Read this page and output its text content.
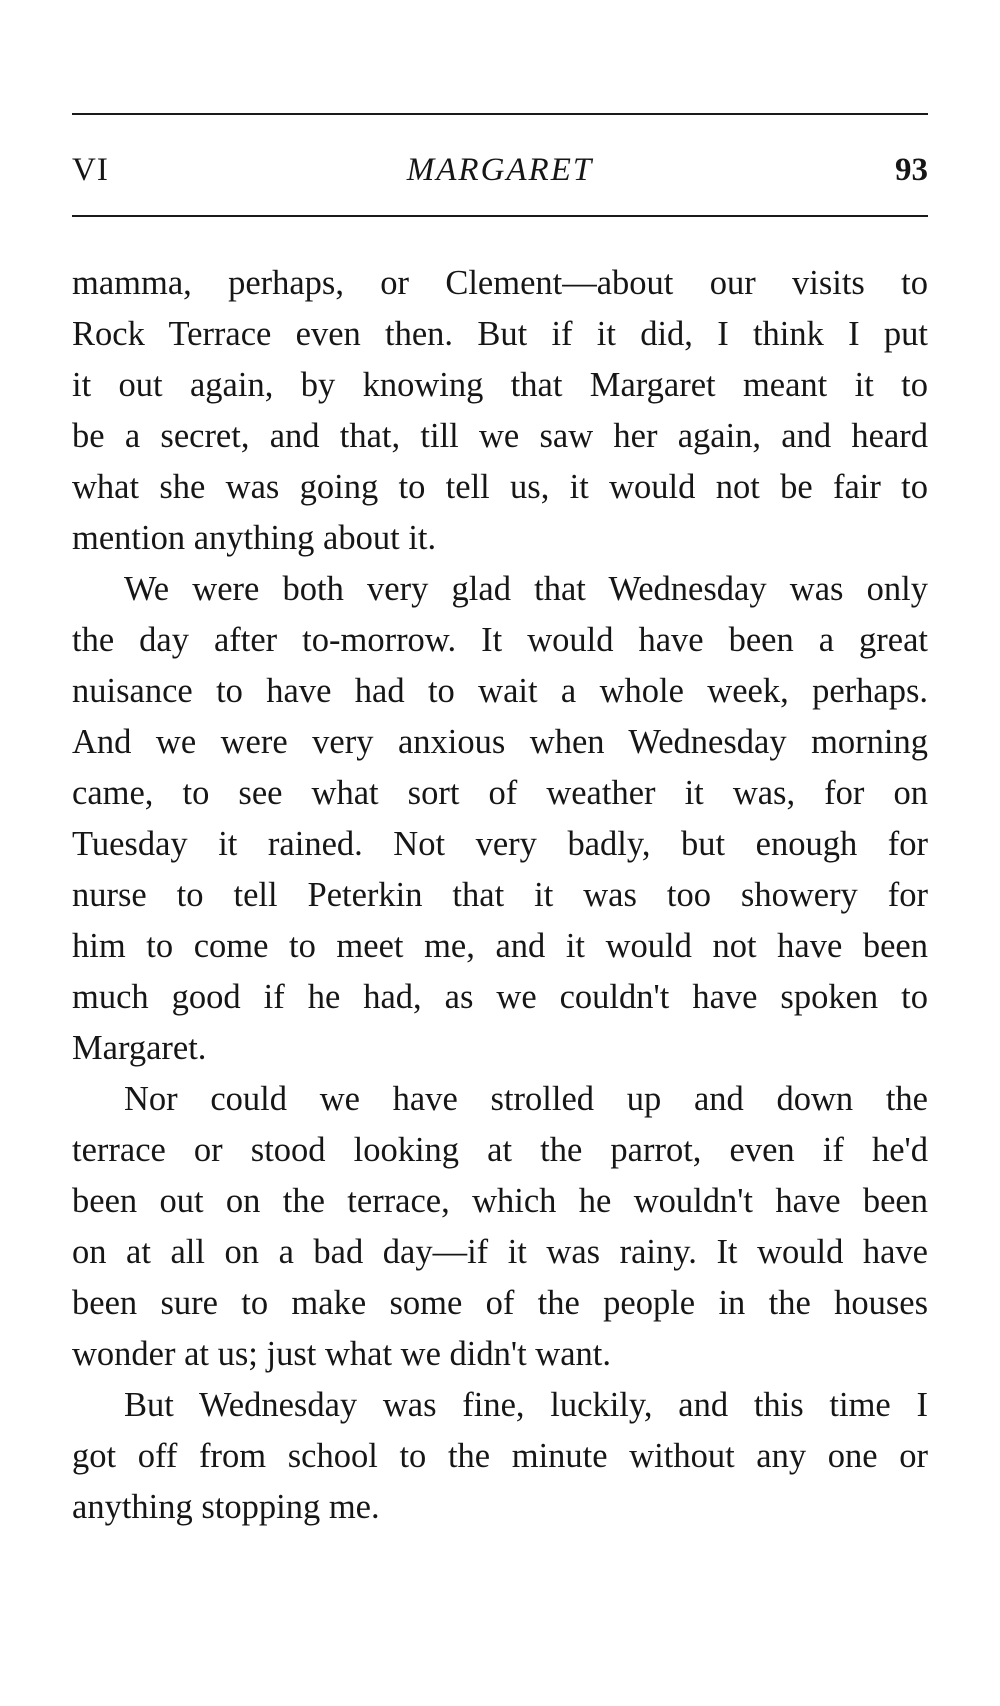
VI	MARGARET	93
mamma, perhaps, or Clement—about our visits to
Rock Terrace even then. But if it did, I think I put
it out again, by knowing that Margaret meant it to
be a secret, and that, till we saw her again, and heard
what she was going to tell us, it would not be fair to
mention anything about it.
We were both very glad that Wednesday was only
the day after to-morrow. It would have been a great
nuisance to have had to wait a whole week, perhaps.
And we were very anxious when Wednesday morning
came, to see what sort of weather it was, for on
Tuesday it rained. Not very badly, but enough for
nurse to tell Peterkin that it was too showery for
him to come to meet me, and it would not have been
much good if he had, as we couldn't have spoken to
Margaret.
Nor could we have strolled up and down the
terrace or stood looking at the parrot, even if he'd
been out on the terrace, which he wouldn't have been
on at all on a bad day—if it was rainy. It would have
been sure to make some of the people in the houses
wonder at us; just what we didn't want.
But Wednesday was fine, luckily, and this time I
got off from school to the minute without any one or
anything stopping me.
